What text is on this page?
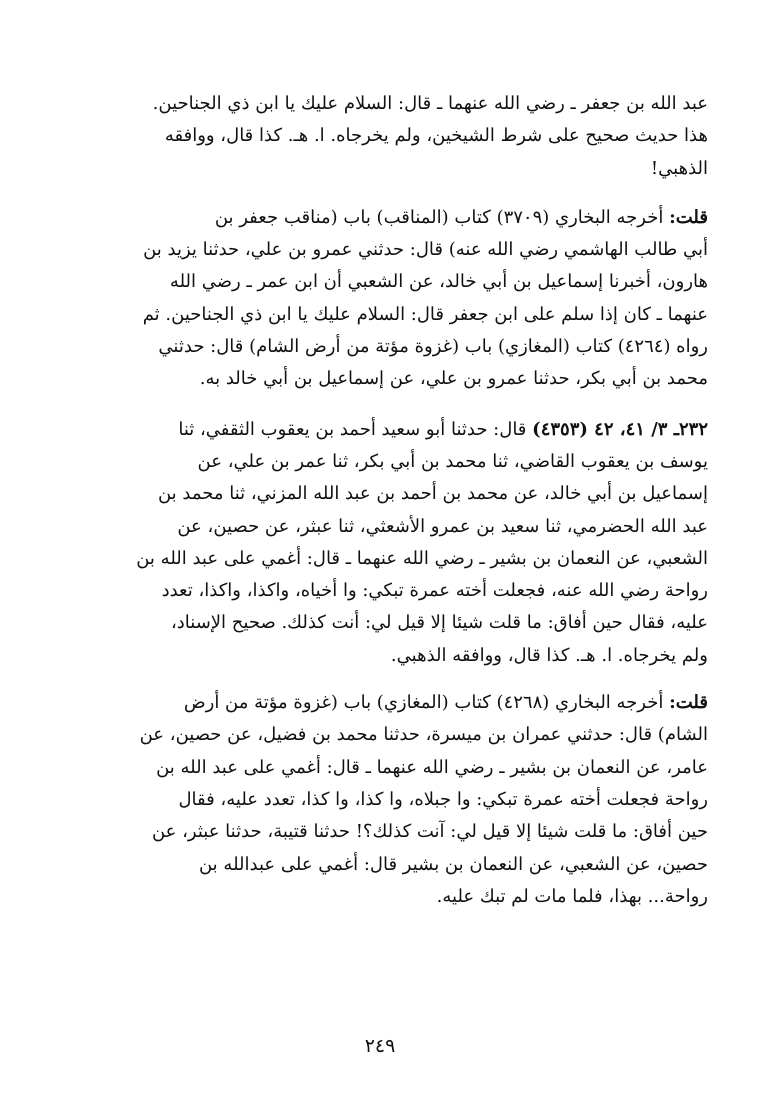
عبد الله بن جعفر ـ رضي الله عنهما ـ قال: السلام عليك يا ابن ذي الجناحين.
هذا حديث صحيح على شرط الشيخين، ولم يخرجاه. ا. هـ. كذا قال، ووافقه
الذهبي!

قلت: أخرجه البخاري (٣٧٠٩) كتاب (المناقب) باب (مناقب جعفر بن
أبي طالب الهاشمي رضي الله عنه) قال: حدثني عمرو بن علي، حدثنا يزيد بن
هارون، أخبرنا إسماعيل بن أبي خالد، عن الشعبي أن ابن عمر ـ رضي الله
عنهما ـ كان إذا سلم على ابن جعفر قال: السلام عليك يا ابن ذي الجناحين. ثم
رواه (٤٢٦٤) كتاب (المغازي) باب (غزوة مؤتة من أرض الشام) قال: حدثني
محمد بن أبي بكر، حدثنا عمرو بن علي، عن إسماعيل بن أبي خالد به.

٢٣٢ـ ٣/ ٤١، ٤٢ (٤٣٥٣) قال: حدثنا أبو سعيد أحمد بن يعقوب الثقفي، ثنا
يوسف بن يعقوب القاضي، ثنا محمد بن أبي بكر، ثنا عمر بن علي، عن
إسماعيل بن أبي خالد، عن محمد بن أحمد بن عبد الله المزني، ثنا محمد بن
عبد الله الحضرمي، ثنا سعيد بن عمرو الأشعثي، ثنا عبثر، عن حصين، عن
الشعبي، عن النعمان بن بشير ـ رضي الله عنهما ـ قال: أغمي على عبد الله بن
رواحة رضي الله عنه، فجعلت أخته عمرة تبكي: وا أخياه، واكذا، واكذا، تعدد
عليه، فقال حين أفاق: ما قلت شيئا إلا قيل لي: أنت كذلك. صحيح الإسناد،
ولم يخرجاه. ا. هـ. كذا قال، ووافقه الذهبي.

قلت: أخرجه البخاري (٤٢٦٨) كتاب (المغازي) باب (غزوة مؤتة من أرض
الشام) قال: حدثني عمران بن ميسرة، حدثنا محمد بن فضيل، عن حصين، عن
عامر، عن النعمان بن بشير ـ رضي الله عنهما ـ قال: أغمي على عبد الله بن
رواحة فجعلت أخته عمرة تبكي: وا جبلاه، وا كذا، وا كذا، تعدد عليه، فقال
حين أفاق: ما قلت شيئا إلا قيل لي: آنت كذلك؟! حدثنا قتيبة، حدثنا عبثر، عن
حصين، عن الشعبي، عن النعمان بن بشير قال: أغمي على عبدالله بن
رواحة... بهذا، فلما مات لم تبك عليه.

٢٤٩
